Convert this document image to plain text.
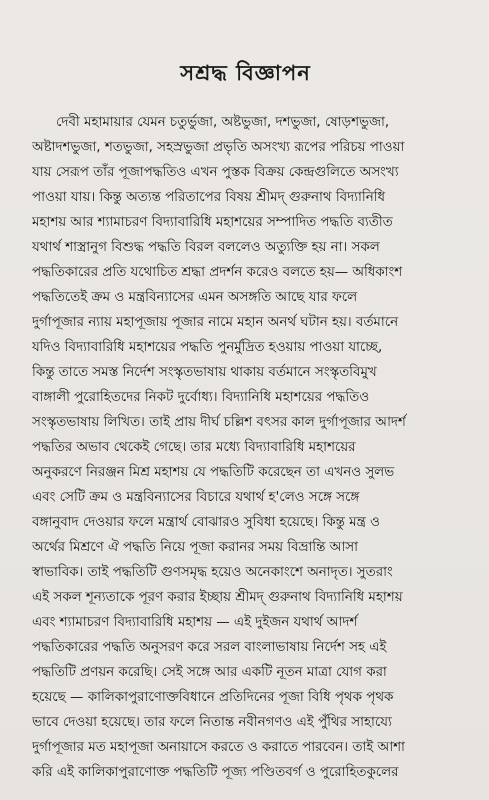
সশ্রদ্ধ বিজ্ঞাপন
দেবী মহামায়ার যেমন চতুর্ভুজা, অষ্টভুজা, দশভুজা, ষোড়শভুজা,
অষ্টাদশভুজা, শতভুজা, সহস্রভুজা প্রভৃতি অসংখ্য রূপের পরিচয় পাওয়া
যায় সেরূপ তাঁর পূজাপদ্ধতিও এখন পুস্তক বিক্রয় কেন্দ্রগুলিতে অসংখ্য
পাওয়া যায়। কিন্তু অত্যন্ত পরিতাপের বিষয় শ্রীমদ্ গুরুনাথ বিদ্যানিধি
মহাশয় আর শ্যামাচরণ বিদ্যাবারিধি মহাশয়ের সম্পাদিত পদ্ধতি ব্যতীত
যথার্থ শাস্ত্রানুগ বিশুদ্ধ পদ্ধতি বিরল বললেও অত্যুক্তি হয় না। সকল
পদ্ধতিকারের প্রতি যথোচিত শ্রদ্ধা প্রদর্শন করেও বলতে হয়— অধিকাংশ
পদ্ধতিতেই ক্রম ও মন্ত্রবিন্যাসের এমন অসঙ্গতি আছে যার ফলে
দুর্গাপূজার ন্যায় মহাপূজায় পূজার নামে মহান অনর্থ ঘটান হয়। বর্তমানে
যদিও বিদ্যাবারিধি মহাশয়ের পদ্ধতি পুনর্মুদ্রিত হওয়ায় পাওয়া যাচ্ছে,
কিন্তু তাতে সমস্ত নির্দেশ সংস্কৃতভাষায় থাকায় বর্তমানে সংস্কৃতবিমুখ
বাঙ্গালী পুরোহিতদের নিকট দুর্বোধ্য। বিদ্যানিধি মহাশয়ের পদ্ধতিও
সংস্কৃতভাষায় লিখিত। তাই প্রায় দীর্ঘ চল্লিশ বৎসর কাল দুর্গাপূজার আদর্শ
পদ্ধতির অভাব থেকেই গেছে। তার মধ্যে বিদ্যাবারিধি মহাশয়ের
অনুকরণে নিরঞ্জন মিশ্র মহাশয় যে পদ্ধতিটি করেছেন তা এখনও সুলভ
এবং সেটি ক্রম ও মন্ত্রবিন্যাসের বিচারে যথার্থ হ'লেও সঙ্গে সঙ্গে
বঙ্গানুবাদ দেওয়ার ফলে মন্ত্রার্থ বোঝারও সুবিধা হয়েছে। কিন্তু মন্ত্র ও
অর্থের মিশ্রণে ঐ পদ্ধতি নিয়ে পূজা করানর সময় বিভ্রান্তি আসা
স্বাভাবিক। তাই পদ্ধতিটি গুণসমৃদ্ধ হয়েও অনেকাংশে অনাদৃত। সুতরাং
এই সকল শূন্যতাকে পূরণ করার ইচ্ছায় শ্রীমদ্ গুরুনাথ বিদ্যানিধি মহাশয়
এবং শ্যামাচরণ বিদ্যাবারিধি মহাশয় — এই দুইজন যথার্থ আদর্শ
পদ্ধতিকারের পদ্ধতি অনুসরণ করে সরল বাংলাভাষায় নির্দেশ সহ এই
পদ্ধতিটি প্রণয়ন করেছি। সেই সঙ্গে আর একটি নূতন মাত্রা যোগ করা
হয়েছে — কালিকাপুরাণোক্তবিধানে প্রতিদিনের পূজা বিধি পৃথক পৃথক
ভাবে দেওয়া হয়েছে। তার ফলে নিতান্ত নবীনগণও এই পুঁথির সাহায্যে
দুর্গাপূজার মত মহাপূজা অনায়াসে করতে ও করাতে পারবেন। তাই আশা
করি এই কালিকাপুরাণোক্ত পদ্ধতিটি পূজ্য পণ্ডিতবর্গ ও পুরোহিতকুলের
